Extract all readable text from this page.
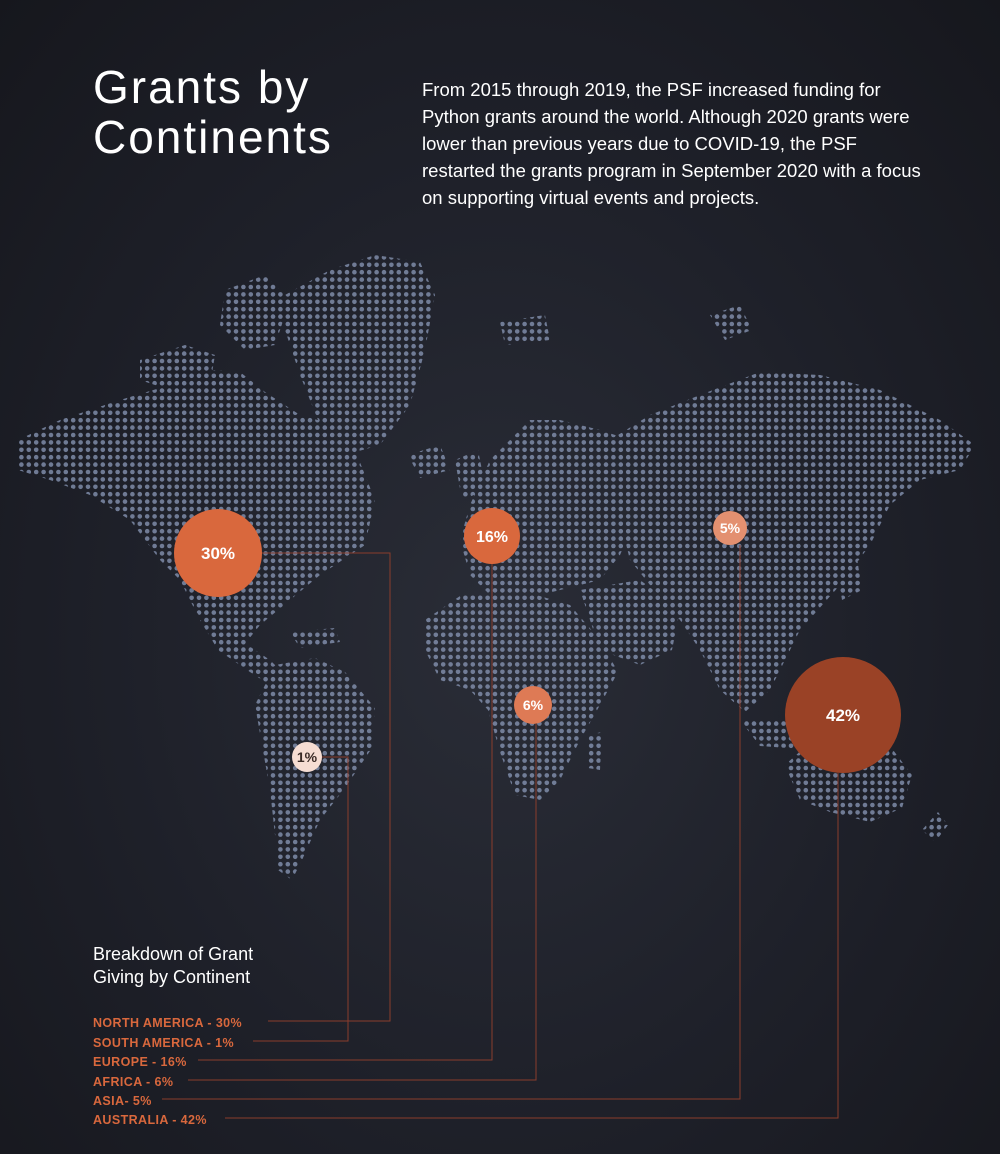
Grants by
Continents

From 2015 through 2019, the PSF increased funding for Python grants around the world. Although 2020 grants were lower than previous years due to COVID-19, the PSF restarted the grants program in September 2020 with a focus on supporting virtual events and projects.

30%
1%
16%
6%
5%
42%

Breakdown of Grant
Giving by Continent

NORTH AMERICA - 30%
SOUTH AMERICA - 1%
EUROPE - 16%
AFRICA - 6%
ASIA- 5%
AUSTRALIA - 42%
